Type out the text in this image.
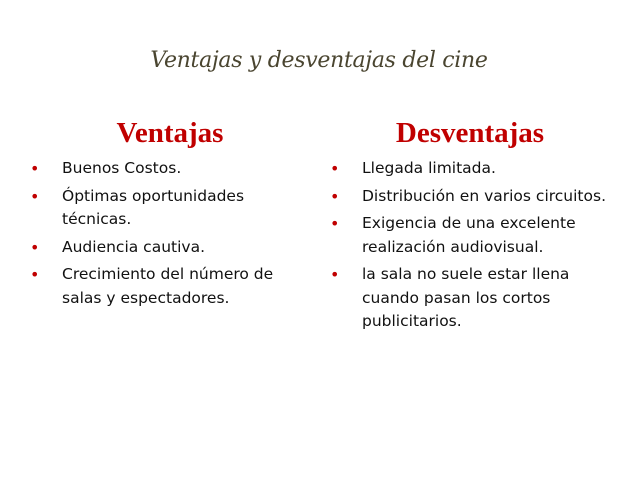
Ventajas y desventajas del cine
Ventajas
• Buenos Costos.
• Óptimas oportunidades técnicas.
• Audiencia cautiva.
• Crecimiento del número de salas y espectadores.
Desventajas
• Llegada limitada.
• Distribución en varios circuitos.
• Exigencia de una excelente realización audiovisual.
• la sala no suele estar llena cuando pasan los cortos publicitarios.
